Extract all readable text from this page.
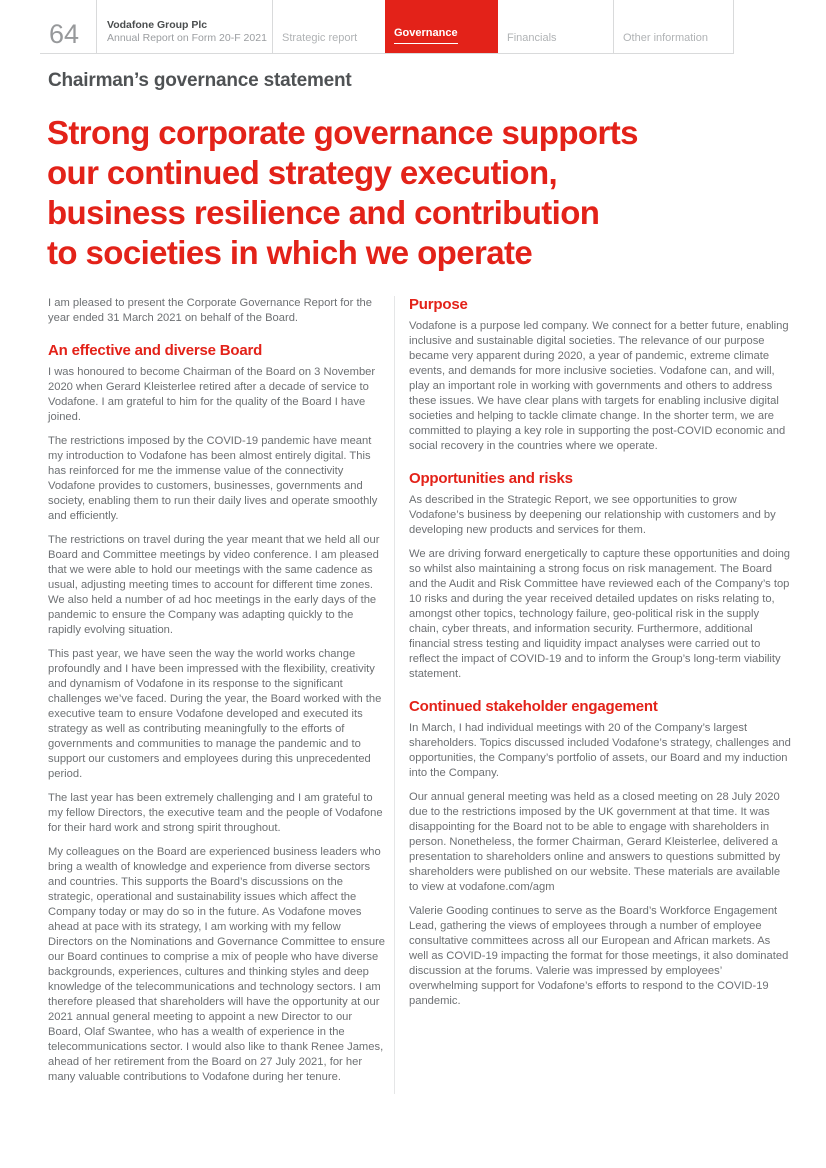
64	Vodafone Group Plc
Annual Report on Form 20-F 2021	Strategic report	Governance	Financials	Other information
Chairman’s governance statement
Strong corporate governance supports
our continued strategy execution,
business resilience and contribution
to societies in which we operate

I am pleased to present the Corporate Governance Report for the year ended 31 March 2021 on behalf of the Board.

An effective and diverse Board

I was honoured to become Chairman of the Board on 3 November 2020 when Gerard Kleisterlee retired after a decade of service to Vodafone. I am grateful to him for the quality of the Board I have joined.

The restrictions imposed by the COVID-19 pandemic have meant my introduction to Vodafone has been almost entirely digital. This has reinforced for me the immense value of the connectivity Vodafone provides to customers, businesses, governments and society, enabling them to run their daily lives and operate smoothly and efficiently.

The restrictions on travel during the year meant that we held all our Board and Committee meetings by video conference. I am pleased that we were able to hold our meetings with the same cadence as usual, adjusting meeting times to account for different time zones. We also held a number of ad hoc meetings in the early days of the pandemic to ensure the Company was adapting quickly to the rapidly evolving situation.

This past year, we have seen the way the world works change profoundly and I have been impressed with the flexibility, creativity and dynamism of Vodafone in its response to the significant challenges we’ve faced. During the year, the Board worked with the executive team to ensure Vodafone developed and executed its strategy as well as contributing meaningfully to the efforts of governments and communities to manage the pandemic and to support our customers and employees during this unprecedented period.

The last year has been extremely challenging and I am grateful to my fellow Directors, the executive team and the people of Vodafone for their hard work and strong spirit throughout.

My colleagues on the Board are experienced business leaders who bring a wealth of knowledge and experience from diverse sectors and countries. This supports the Board’s discussions on the strategic, operational and sustainability issues which affect the Company today or may do so in the future. As Vodafone moves ahead at pace with its strategy, I am working with my fellow Directors on the Nominations and Governance Committee to ensure our Board continues to comprise a mix of people who have diverse backgrounds, experiences, cultures and thinking styles and deep knowledge of the telecommunications and technology sectors. I am therefore pleased that shareholders will have the opportunity at our 2021 annual general meeting to appoint a new Director to our Board, Olaf Swantee, who has a wealth of experience in the telecommunications sector. I would also like to thank Renee James, ahead of her retirement from the Board on 27 July 2021, for her many valuable contributions to Vodafone during her tenure.

Purpose

Vodafone is a purpose led company. We connect for a better future, enabling inclusive and sustainable digital societies. The relevance of our purpose became very apparent during 2020, a year of pandemic, extreme climate events, and demands for more inclusive societies. Vodafone can, and will, play an important role in working with governments and others to address these issues. We have clear plans with targets for enabling inclusive digital societies and helping to tackle climate change. In the shorter term, we are committed to playing a key role in supporting the post-COVID economic and social recovery in the countries where we operate.

Opportunities and risks

As described in the Strategic Report, we see opportunities to grow Vodafone’s business by deepening our relationship with customers and by developing new products and services for them.

We are driving forward energetically to capture these opportunities and doing so whilst also maintaining a strong focus on risk management. The Board and the Audit and Risk Committee have reviewed each of the Company’s top 10 risks and during the year received detailed updates on risks relating to, amongst other topics, technology failure, geo-political risk in the supply chain, cyber threats, and information security. Furthermore, additional financial stress testing and liquidity impact analyses were carried out to reflect the impact of COVID-19 and to inform the Group’s long-term viability statement.

Continued stakeholder engagement

In March, I had individual meetings with 20 of the Company’s largest shareholders. Topics discussed included Vodafone’s strategy, challenges and opportunities, the Company’s portfolio of assets, our Board and my induction into the Company.

Our annual general meeting was held as a closed meeting on 28 July 2020 due to the restrictions imposed by the UK government at that time. It was disappointing for the Board not to be able to engage with shareholders in person. Nonetheless, the former Chairman, Gerard Kleisterlee, delivered a presentation to shareholders online and answers to questions submitted by shareholders were published on our website. These materials are available to view at vodafone.com/agm

Valerie Gooding continues to serve as the Board’s Workforce Engagement Lead, gathering the views of employees through a number of employee consultative committees across all our European and African markets. As well as COVID-19 impacting the format for those meetings, it also dominated discussion at the forums. Valerie was impressed by employees’ overwhelming support for Vodafone’s efforts to respond to the COVID-19 pandemic.
